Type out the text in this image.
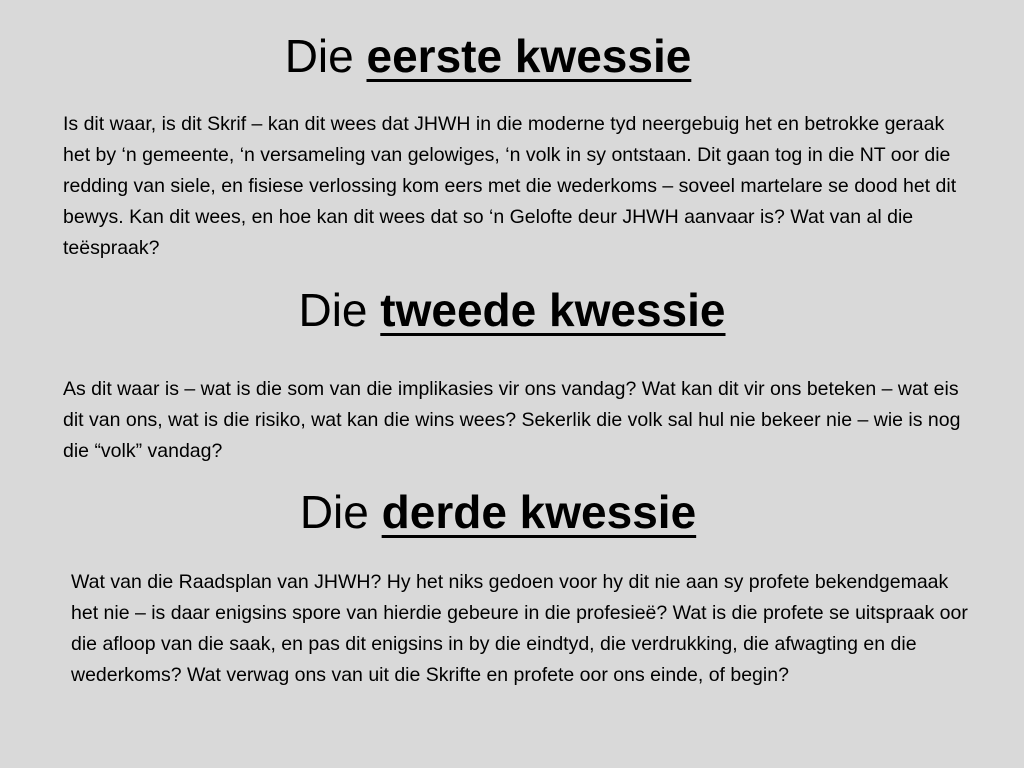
Die eerste kwessie

Is dit waar, is dit Skrif – kan dit wees dat JHWH in die moderne tyd neergebuig het en betrokke geraak het by ‘n gemeente, ‘n versameling van gelowiges, ‘n volk in sy ontstaan. Dit gaan tog in die NT oor die redding van siele, en fisiese verlossing kom eers met die wederkoms – soveel martelare se dood het dit bewys. Kan dit wees, en hoe kan dit wees dat so ‘n Gelofte deur JHWH aanvaar is? Wat van al die teëspraak?

Die tweede kwessie

As dit waar is – wat is die som van die implikasies vir ons vandag? Wat kan dit vir ons beteken – wat eis dit van ons, wat is die risiko, wat kan die wins wees? Sekerlik die volk sal hul nie bekeer nie – wie is nog die “volk” vandag?

Die derde kwessie

Wat van die Raadsplan van JHWH? Hy het niks gedoen voor hy dit nie aan sy profete bekendgemaak het nie – is daar enigsins spore van hierdie gebeure in die profesieë? Wat is die profete se uitspraak oor die afloop van die saak, en pas dit enigsins in by die eindtyd, die verdrukking, die afwagting en die wederkoms? Wat verwag ons van uit die Skrifte en profete oor ons einde, of begin?
